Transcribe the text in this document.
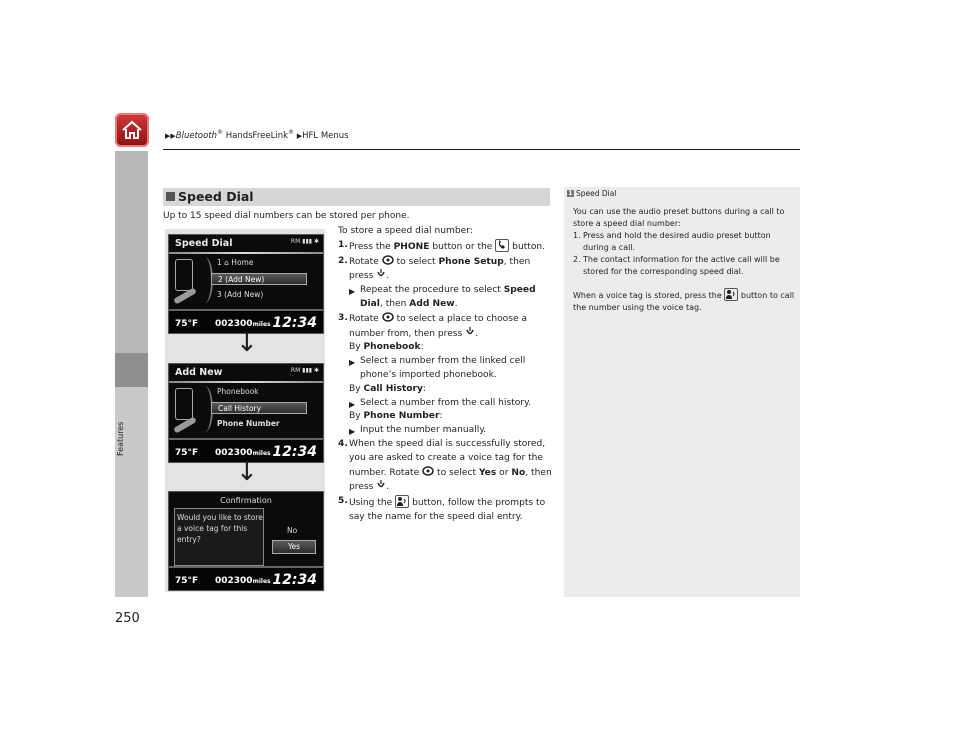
▶▶Bluetooth® HandsFreeLink® ▶HFL Menus
Features
250
Speed Dial
Up to 15 speed dial numbers can be stored per phone.
Speed Dial	RM ▮▮▮ ✱
1 ⌂ Home
2 (Add New)
3 (Add New)
75°F 002300miles 12:34
↓
Add New	RM ▮▮▮ ✱
Phonebook
Call History
Phone Number
75°F 002300miles 12:34
↓
Confirmation
Would you like to store a voice tag for this entry?
No
Yes
75°F 002300miles 12:34
To store a speed dial number:
1. Press the PHONE button or the  button.
2. Rotate  to select Phone Setup, then press .
▶ Repeat the procedure to select Speed Dial, then Add New.
3. Rotate  to select a place to choose a number from, then press .
By Phonebook:
▶ Select a number from the linked cell phone’s imported phonebook.
By Call History:
▶ Select a number from the call history.
By Phone Number:
▶ Input the number manually.
4. When the speed dial is successfully stored, you are asked to create a voice tag for the number. Rotate  to select Yes or No, then press .
5. Using the  button, follow the prompts to say the name for the speed dial entry.
1 Speed Dial
You can use the audio preset buttons during a call to store a speed dial number:
1. Press and hold the desired audio preset button during a call.
2. The contact information for the active call will be stored for the corresponding speed dial.
When a voice tag is stored, press the  button to call the number using the voice tag.
